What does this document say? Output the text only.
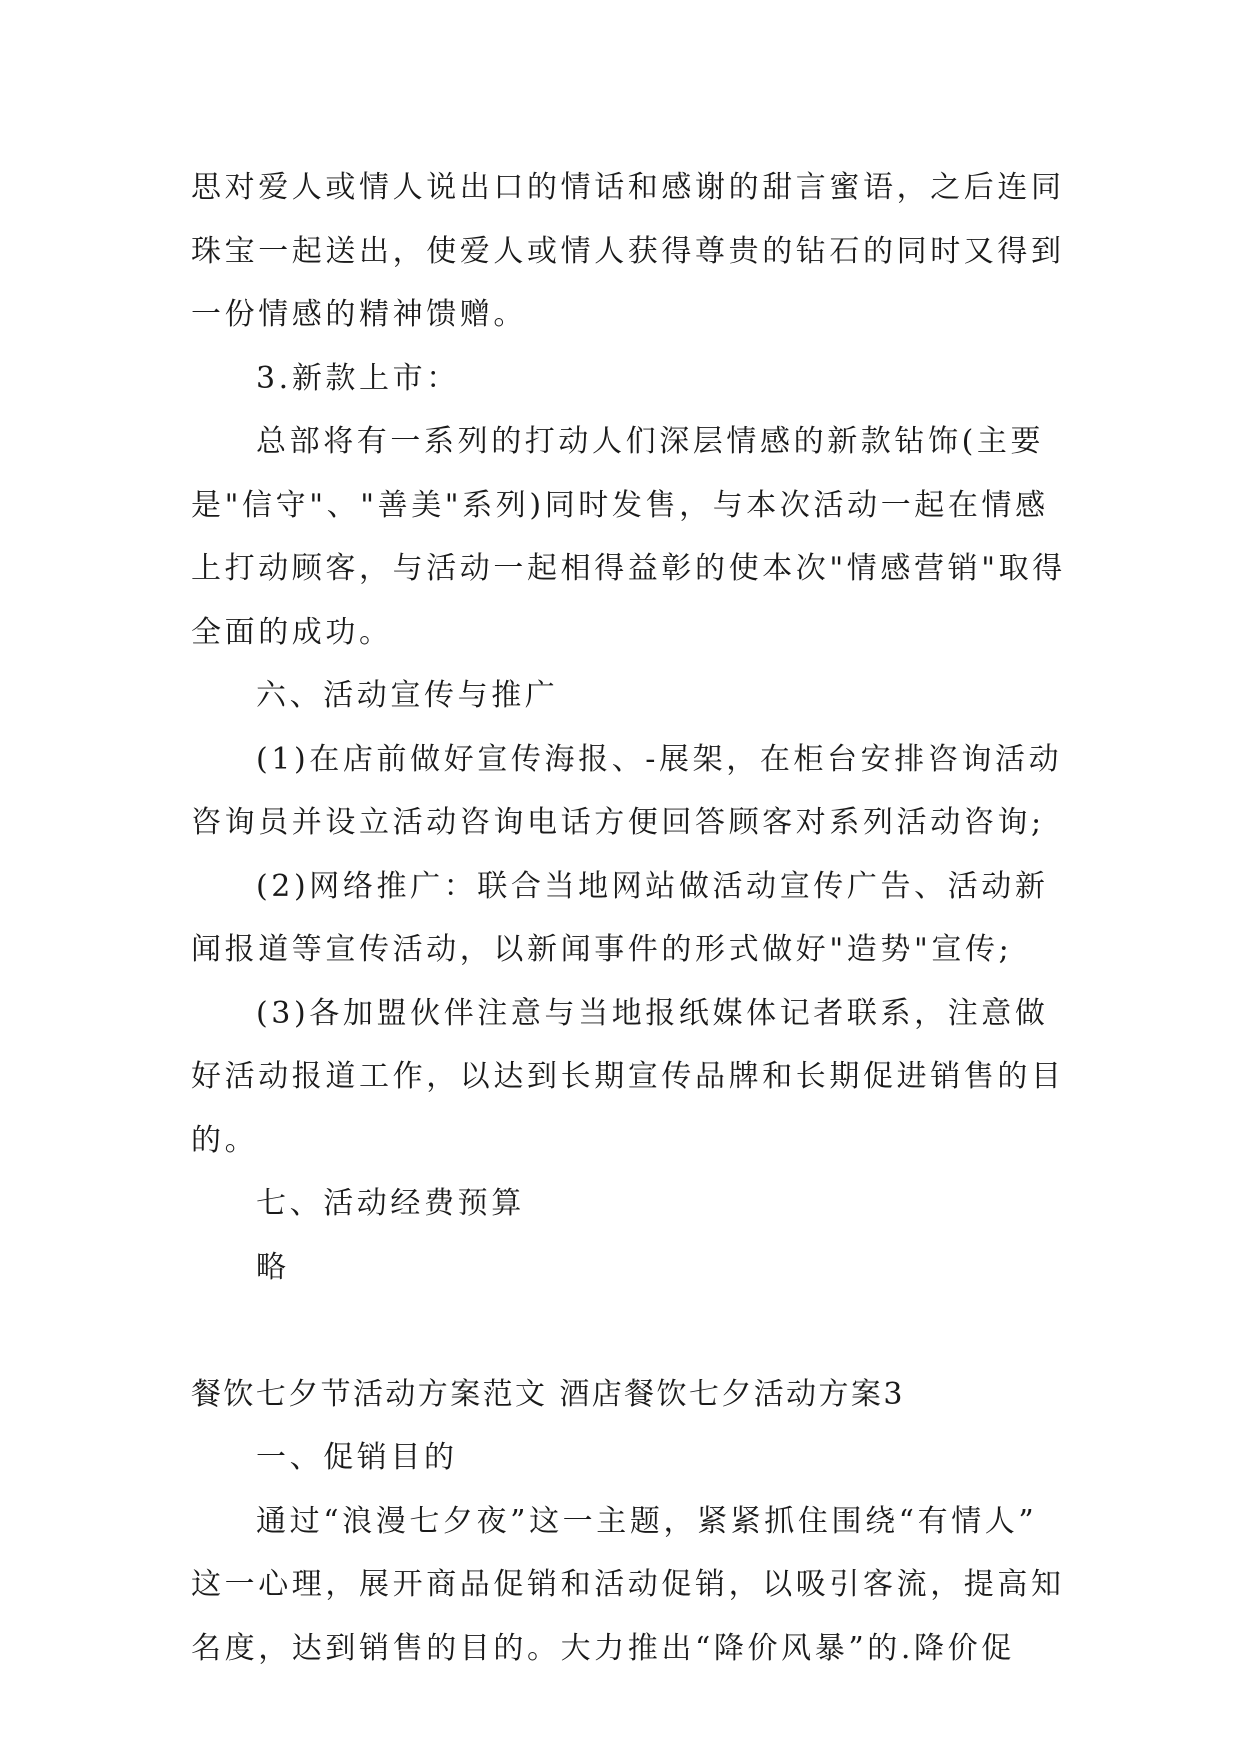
思对爱人或情人说出口的情话和感谢的甜言蜜语，之后连同
珠宝一起送出，使爱人或情人获得尊贵的钻石的同时又得到
一份情感的精神馈赠。
3.新款上市：
总部将有一系列的打动人们深层情感的新款钻饰(主要
是"信守"、"善美"系列)同时发售，与本次活动一起在情感
上打动顾客，与活动一起相得益彰的使本次"情感营销"取得
全面的成功。
六、活动宣传与推广
(1)在店前做好宣传海报、-展架，在柜台安排咨询活动
咨询员并设立活动咨询电话方便回答顾客对系列活动咨询;
(2)网络推广：联合当地网站做活动宣传广告、活动新
闻报道等宣传活动，以新闻事件的形式做好"造势"宣传;
(3)各加盟伙伴注意与当地报纸媒体记者联系，注意做
好活动报道工作，以达到长期宣传品牌和长期促进销售的目
的。
七、活动经费预算
略
餐饮七夕节活动方案范文 酒店餐饮七夕活动方案3
一、促销目的
通过“浪漫七夕夜”这一主题，紧紧抓住围绕“有情人”
这一心理，展开商品促销和活动促销，以吸引客流，提高知
名度，达到销售的目的。大力推出“降价风暴”的.降价促
